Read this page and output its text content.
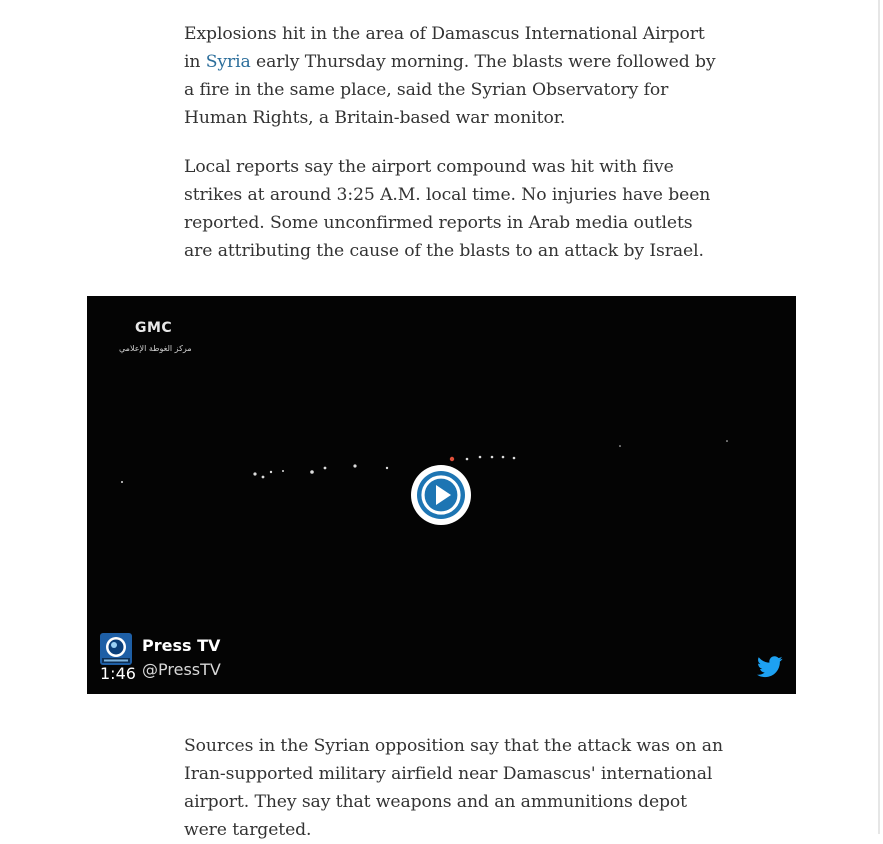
Explosions hit in the area of Damascus International Airport in Syria early Thursday morning. The blasts were followed by a fire in the same place, said the Syrian Observatory for Human Rights, a Britain-based war monitor.

Local reports say the airport compound was hit with five strikes at around 3:25 A.M. local time. No injuries have been reported. Some unconfirmed reports in Arab media outlets are attributing the cause of the blasts to an attack by Israel.

GMC
مركز الغوطة الإعلامي
1:46
Press TV
@PressTV

Sources in the Syrian opposition say that the attack was on an Iran-supported military airfield near Damascus' international airport. They say that weapons and an ammunitions depot were targeted.
